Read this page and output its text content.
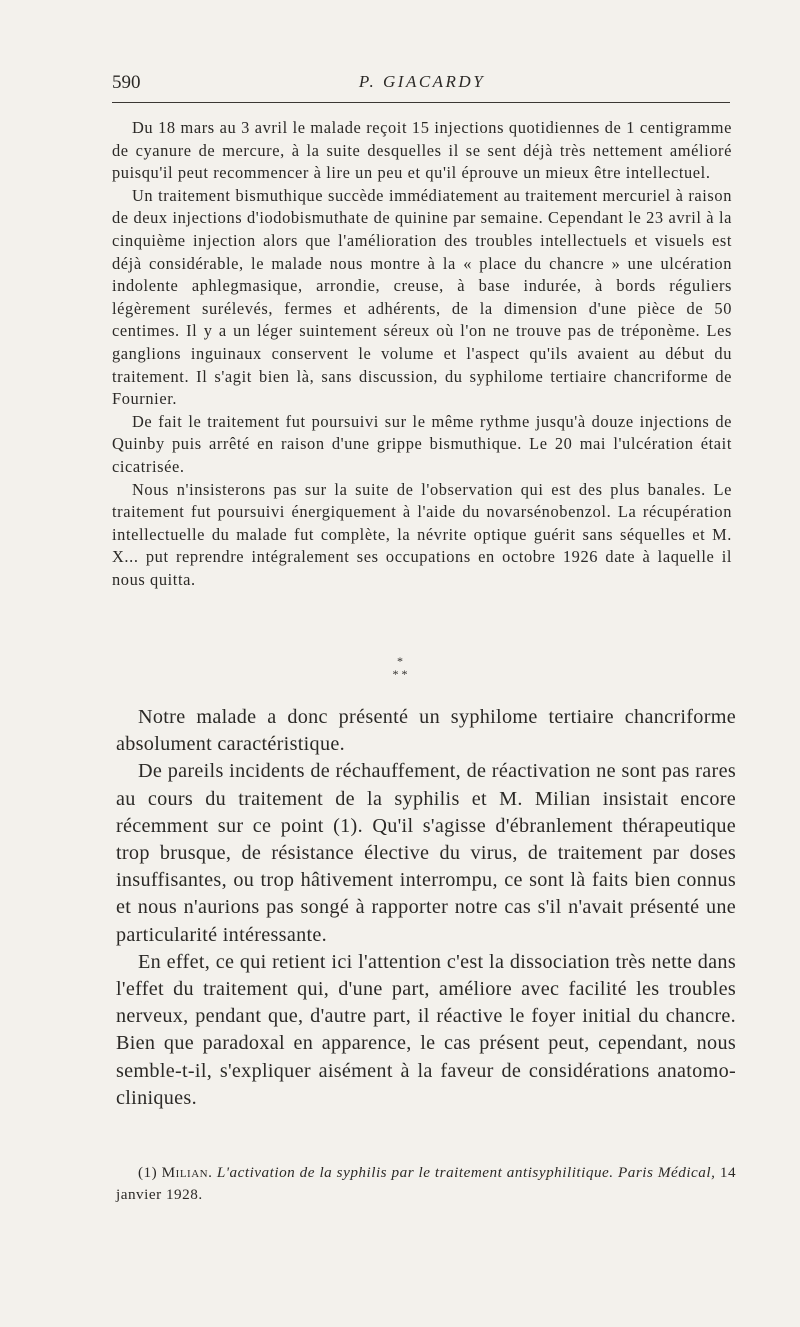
590	P. GIACARDY

Du 18 mars au 3 avril le malade reçoit 15 injections quotidiennes de 1 centigramme de cyanure de mercure, à la suite desquelles il se sent déjà très nettement amélioré puisqu'il peut recommencer à lire un peu et qu'il éprouve un mieux être intellectuel.

Un traitement bismuthique succède immédiatement au traitement mercuriel à raison de deux injections d'iodobismuthate de quinine par semaine. Cependant le 23 avril à la cinquième injection alors que l'amélioration des troubles intellectuels et visuels est déjà considérable, le malade nous montre à la « place du chancre » une ulcération indolente aphlegmasique, arrondie, creuse, à base indurée, à bords réguliers légèrement surélevés, fermes et adhérents, de la dimension d'une pièce de 50 centimes. Il y a un léger suintement séreux où l'on ne trouve pas de tréponème. Les ganglions inguinaux conservent le volume et l'aspect qu'ils avaient au début du traitement. Il s'agit bien là, sans discussion, du syphilome tertiaire chancriforme de Fournier.

De fait le traitement fut poursuivi sur le même rythme jusqu'à douze injections de Quinby puis arrêté en raison d'une grippe bismuthique. Le 20 mai l'ulcération était cicatrisée.

Nous n'insisterons pas sur la suite de l'observation qui est des plus banales. Le traitement fut poursuivi énergiquement à l'aide du novarsénobenzol. La récupération intellectuelle du malade fut complète, la névrite optique guérit sans séquelles et M. X... put reprendre intégralement ses occupations en octobre 1926 date à laquelle il nous quitta.

*
* *

Notre malade a donc présenté un syphilome tertiaire chancriforme absolument caractéristique.

De pareils incidents de réchauffement, de réactivation ne sont pas rares au cours du traitement de la syphilis et M. Milian insistait encore récemment sur ce point (1). Qu'il s'agisse d'ébranlement thérapeutique trop brusque, de résistance élective du virus, de traitement par doses insuffisantes, ou trop hâtivement interrompu, ce sont là faits bien connus et nous n'aurions pas songé à rapporter notre cas s'il n'avait présenté une particularité intéressante.

En effet, ce qui retient ici l'attention c'est la dissociation très nette dans l'effet du traitement qui, d'une part, améliore avec facilité les troubles nerveux, pendant que, d'autre part, il réactive le foyer initial du chancre. Bien que paradoxal en apparence, le cas présent peut, cependant, nous semble-t-il, s'expliquer aisément à la faveur de considérations anatomo-cliniques.

(1) Milian. L'activation de la syphilis par le traitement antisyphilitique. Paris Médical, 14 janvier 1928.
